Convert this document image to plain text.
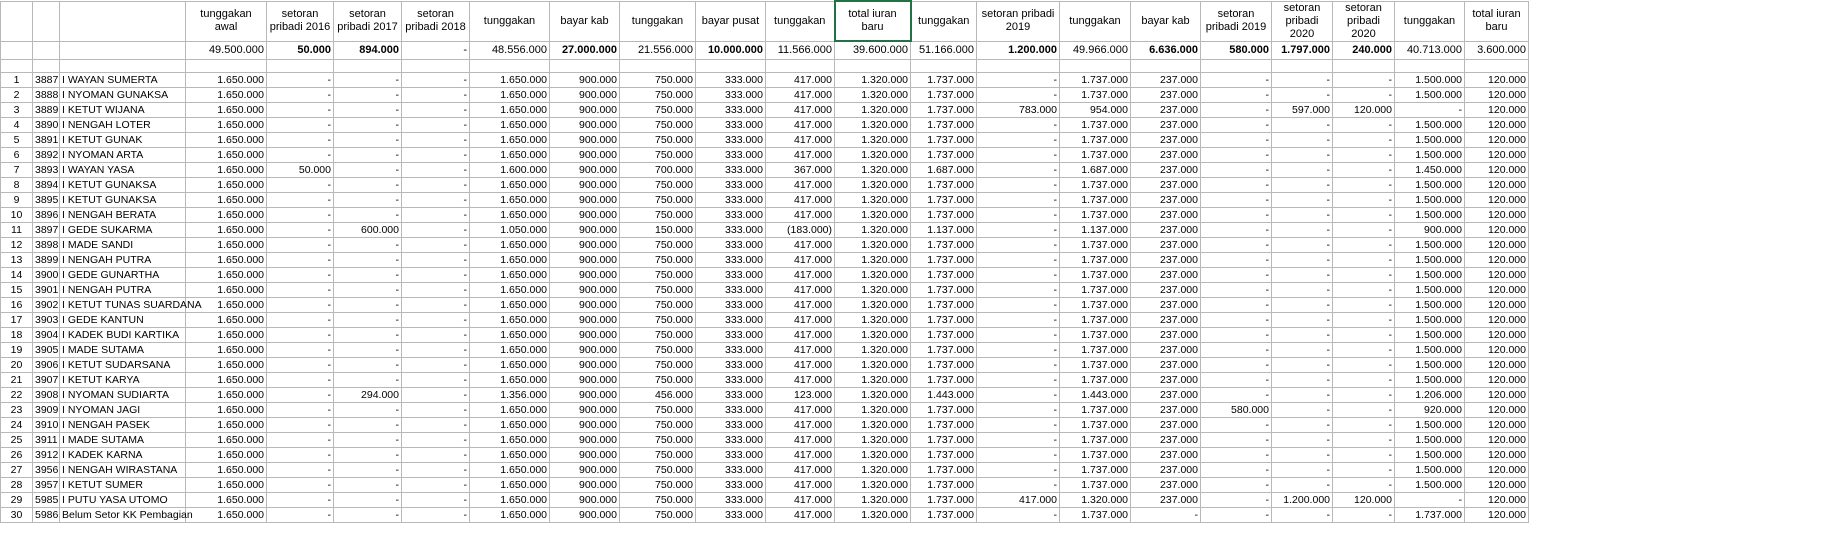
			tunggakan awal	setoran pribadi 2016	setoran pribadi 2017	setoran pribadi 2018	tunggakan	bayar kab	tunggakan	bayar pusat	tunggakan	total iuran baru	tunggakan	setoran pribadi 2019	tunggakan	bayar kab	setoran pribadi 2019	setoran pribadi 2020	setoran pribadi 2020	tunggakan	total iuran baru	
			49.500.000	50.000	894.000	-	48.556.000	27.000.000	21.556.000	10.000.000	11.566.000	39.600.000	51.166.000	1.200.000	49.966.000	6.636.000	580.000	1.797.000	240.000	40.713.000	3.600.000	

1	3887	I WAYAN SUMERTA	1.650.000	-	-	-	1.650.000	900.000	750.000	333.000	417.000	1.320.000	1.737.000	-	1.737.000	237.000	-	-	-	1.500.000	120.000	
2	3888	I NYOMAN GUNAKSA	1.650.000	-	-	-	1.650.000	900.000	750.000	333.000	417.000	1.320.000	1.737.000	-	1.737.000	237.000	-	-	-	1.500.000	120.000	
3	3889	I KETUT WIJANA	1.650.000	-	-	-	1.650.000	900.000	750.000	333.000	417.000	1.320.000	1.737.000	783.000	954.000	237.000	-	597.000	120.000	-	120.000	
4	3890	I NENGAH LOTER	1.650.000	-	-	-	1.650.000	900.000	750.000	333.000	417.000	1.320.000	1.737.000	-	1.737.000	237.000	-	-	-	1.500.000	120.000	
5	3891	I KETUT GUNAK	1.650.000	-	-	-	1.650.000	900.000	750.000	333.000	417.000	1.320.000	1.737.000	-	1.737.000	237.000	-	-	-	1.500.000	120.000	
6	3892	I NYOMAN ARTA	1.650.000	-	-	-	1.650.000	900.000	750.000	333.000	417.000	1.320.000	1.737.000	-	1.737.000	237.000	-	-	-	1.500.000	120.000	
7	3893	I WAYAN YASA	1.650.000	50.000	-	-	1.600.000	900.000	700.000	333.000	367.000	1.320.000	1.687.000	-	1.687.000	237.000	-	-	-	1.450.000	120.000	
8	3894	I KETUT GUNAKSA	1.650.000	-	-	-	1.650.000	900.000	750.000	333.000	417.000	1.320.000	1.737.000	-	1.737.000	237.000	-	-	-	1.500.000	120.000	
9	3895	I KETUT GUNAKSA	1.650.000	-	-	-	1.650.000	900.000	750.000	333.000	417.000	1.320.000	1.737.000	-	1.737.000	237.000	-	-	-	1.500.000	120.000	
10	3896	I NENGAH BERATA	1.650.000	-	-	-	1.650.000	900.000	750.000	333.000	417.000	1.320.000	1.737.000	-	1.737.000	237.000	-	-	-	1.500.000	120.000	
11	3897	I GEDE SUKARMA	1.650.000	-	600.000	-	1.050.000	900.000	150.000	333.000	(183.000)	1.320.000	1.137.000	-	1.137.000	237.000	-	-	-	900.000	120.000	
12	3898	I MADE SANDI	1.650.000	-	-	-	1.650.000	900.000	750.000	333.000	417.000	1.320.000	1.737.000	-	1.737.000	237.000	-	-	-	1.500.000	120.000	
13	3899	I NENGAH PUTRA	1.650.000	-	-	-	1.650.000	900.000	750.000	333.000	417.000	1.320.000	1.737.000	-	1.737.000	237.000	-	-	-	1.500.000	120.000	
14	3900	I GEDE GUNARTHA	1.650.000	-	-	-	1.650.000	900.000	750.000	333.000	417.000	1.320.000	1.737.000	-	1.737.000	237.000	-	-	-	1.500.000	120.000	
15	3901	I NENGAH PUTRA	1.650.000	-	-	-	1.650.000	900.000	750.000	333.000	417.000	1.320.000	1.737.000	-	1.737.000	237.000	-	-	-	1.500.000	120.000	
16	3902	I KETUT TUNAS SUARDANA	1.650.000	-	-	-	1.650.000	900.000	750.000	333.000	417.000	1.320.000	1.737.000	-	1.737.000	237.000	-	-	-	1.500.000	120.000	
17	3903	I GEDE KANTUN	1.650.000	-	-	-	1.650.000	900.000	750.000	333.000	417.000	1.320.000	1.737.000	-	1.737.000	237.000	-	-	-	1.500.000	120.000	
18	3904	I KADEK BUDI KARTIKA	1.650.000	-	-	-	1.650.000	900.000	750.000	333.000	417.000	1.320.000	1.737.000	-	1.737.000	237.000	-	-	-	1.500.000	120.000	
19	3905	I MADE SUTAMA	1.650.000	-	-	-	1.650.000	900.000	750.000	333.000	417.000	1.320.000	1.737.000	-	1.737.000	237.000	-	-	-	1.500.000	120.000	
20	3906	I KETUT SUDARSANA	1.650.000	-	-	-	1.650.000	900.000	750.000	333.000	417.000	1.320.000	1.737.000	-	1.737.000	237.000	-	-	-	1.500.000	120.000	
21	3907	I KETUT KARYA	1.650.000	-	-	-	1.650.000	900.000	750.000	333.000	417.000	1.320.000	1.737.000	-	1.737.000	237.000	-	-	-	1.500.000	120.000	
22	3908	I NYOMAN SUDIARTA	1.650.000	-	294.000	-	1.356.000	900.000	456.000	333.000	123.000	1.320.000	1.443.000	-	1.443.000	237.000	-	-	-	1.206.000	120.000	
23	3909	I NYOMAN JAGI	1.650.000	-	-	-	1.650.000	900.000	750.000	333.000	417.000	1.320.000	1.737.000	-	1.737.000	237.000	580.000	-	-	920.000	120.000	
24	3910	I NENGAH PASEK	1.650.000	-	-	-	1.650.000	900.000	750.000	333.000	417.000	1.320.000	1.737.000	-	1.737.000	237.000	-	-	-	1.500.000	120.000	
25	3911	I MADE SUTAMA	1.650.000	-	-	-	1.650.000	900.000	750.000	333.000	417.000	1.320.000	1.737.000	-	1.737.000	237.000	-	-	-	1.500.000	120.000	
26	3912	I KADEK KARNA	1.650.000	-	-	-	1.650.000	900.000	750.000	333.000	417.000	1.320.000	1.737.000	-	1.737.000	237.000	-	-	-	1.500.000	120.000	
27	3956	I NENGAH WIRASTANA	1.650.000	-	-	-	1.650.000	900.000	750.000	333.000	417.000	1.320.000	1.737.000	-	1.737.000	237.000	-	-	-	1.500.000	120.000	
28	3957	I KETUT SUMER	1.650.000	-	-	-	1.650.000	900.000	750.000	333.000	417.000	1.320.000	1.737.000	-	1.737.000	237.000	-	-	-	1.500.000	120.000	
29	5985	I PUTU YASA UTOMO	1.650.000	-	-	-	1.650.000	900.000	750.000	333.000	417.000	1.320.000	1.737.000	417.000	1.320.000	237.000	-	1.200.000	120.000	-	120.000	
30	5986	Belum Setor KK Pembagian	1.650.000	-	-	-	1.650.000	900.000	750.000	333.000	417.000	1.320.000	1.737.000	-	1.737.000	-	-	-	-	1.737.000	120.000	
